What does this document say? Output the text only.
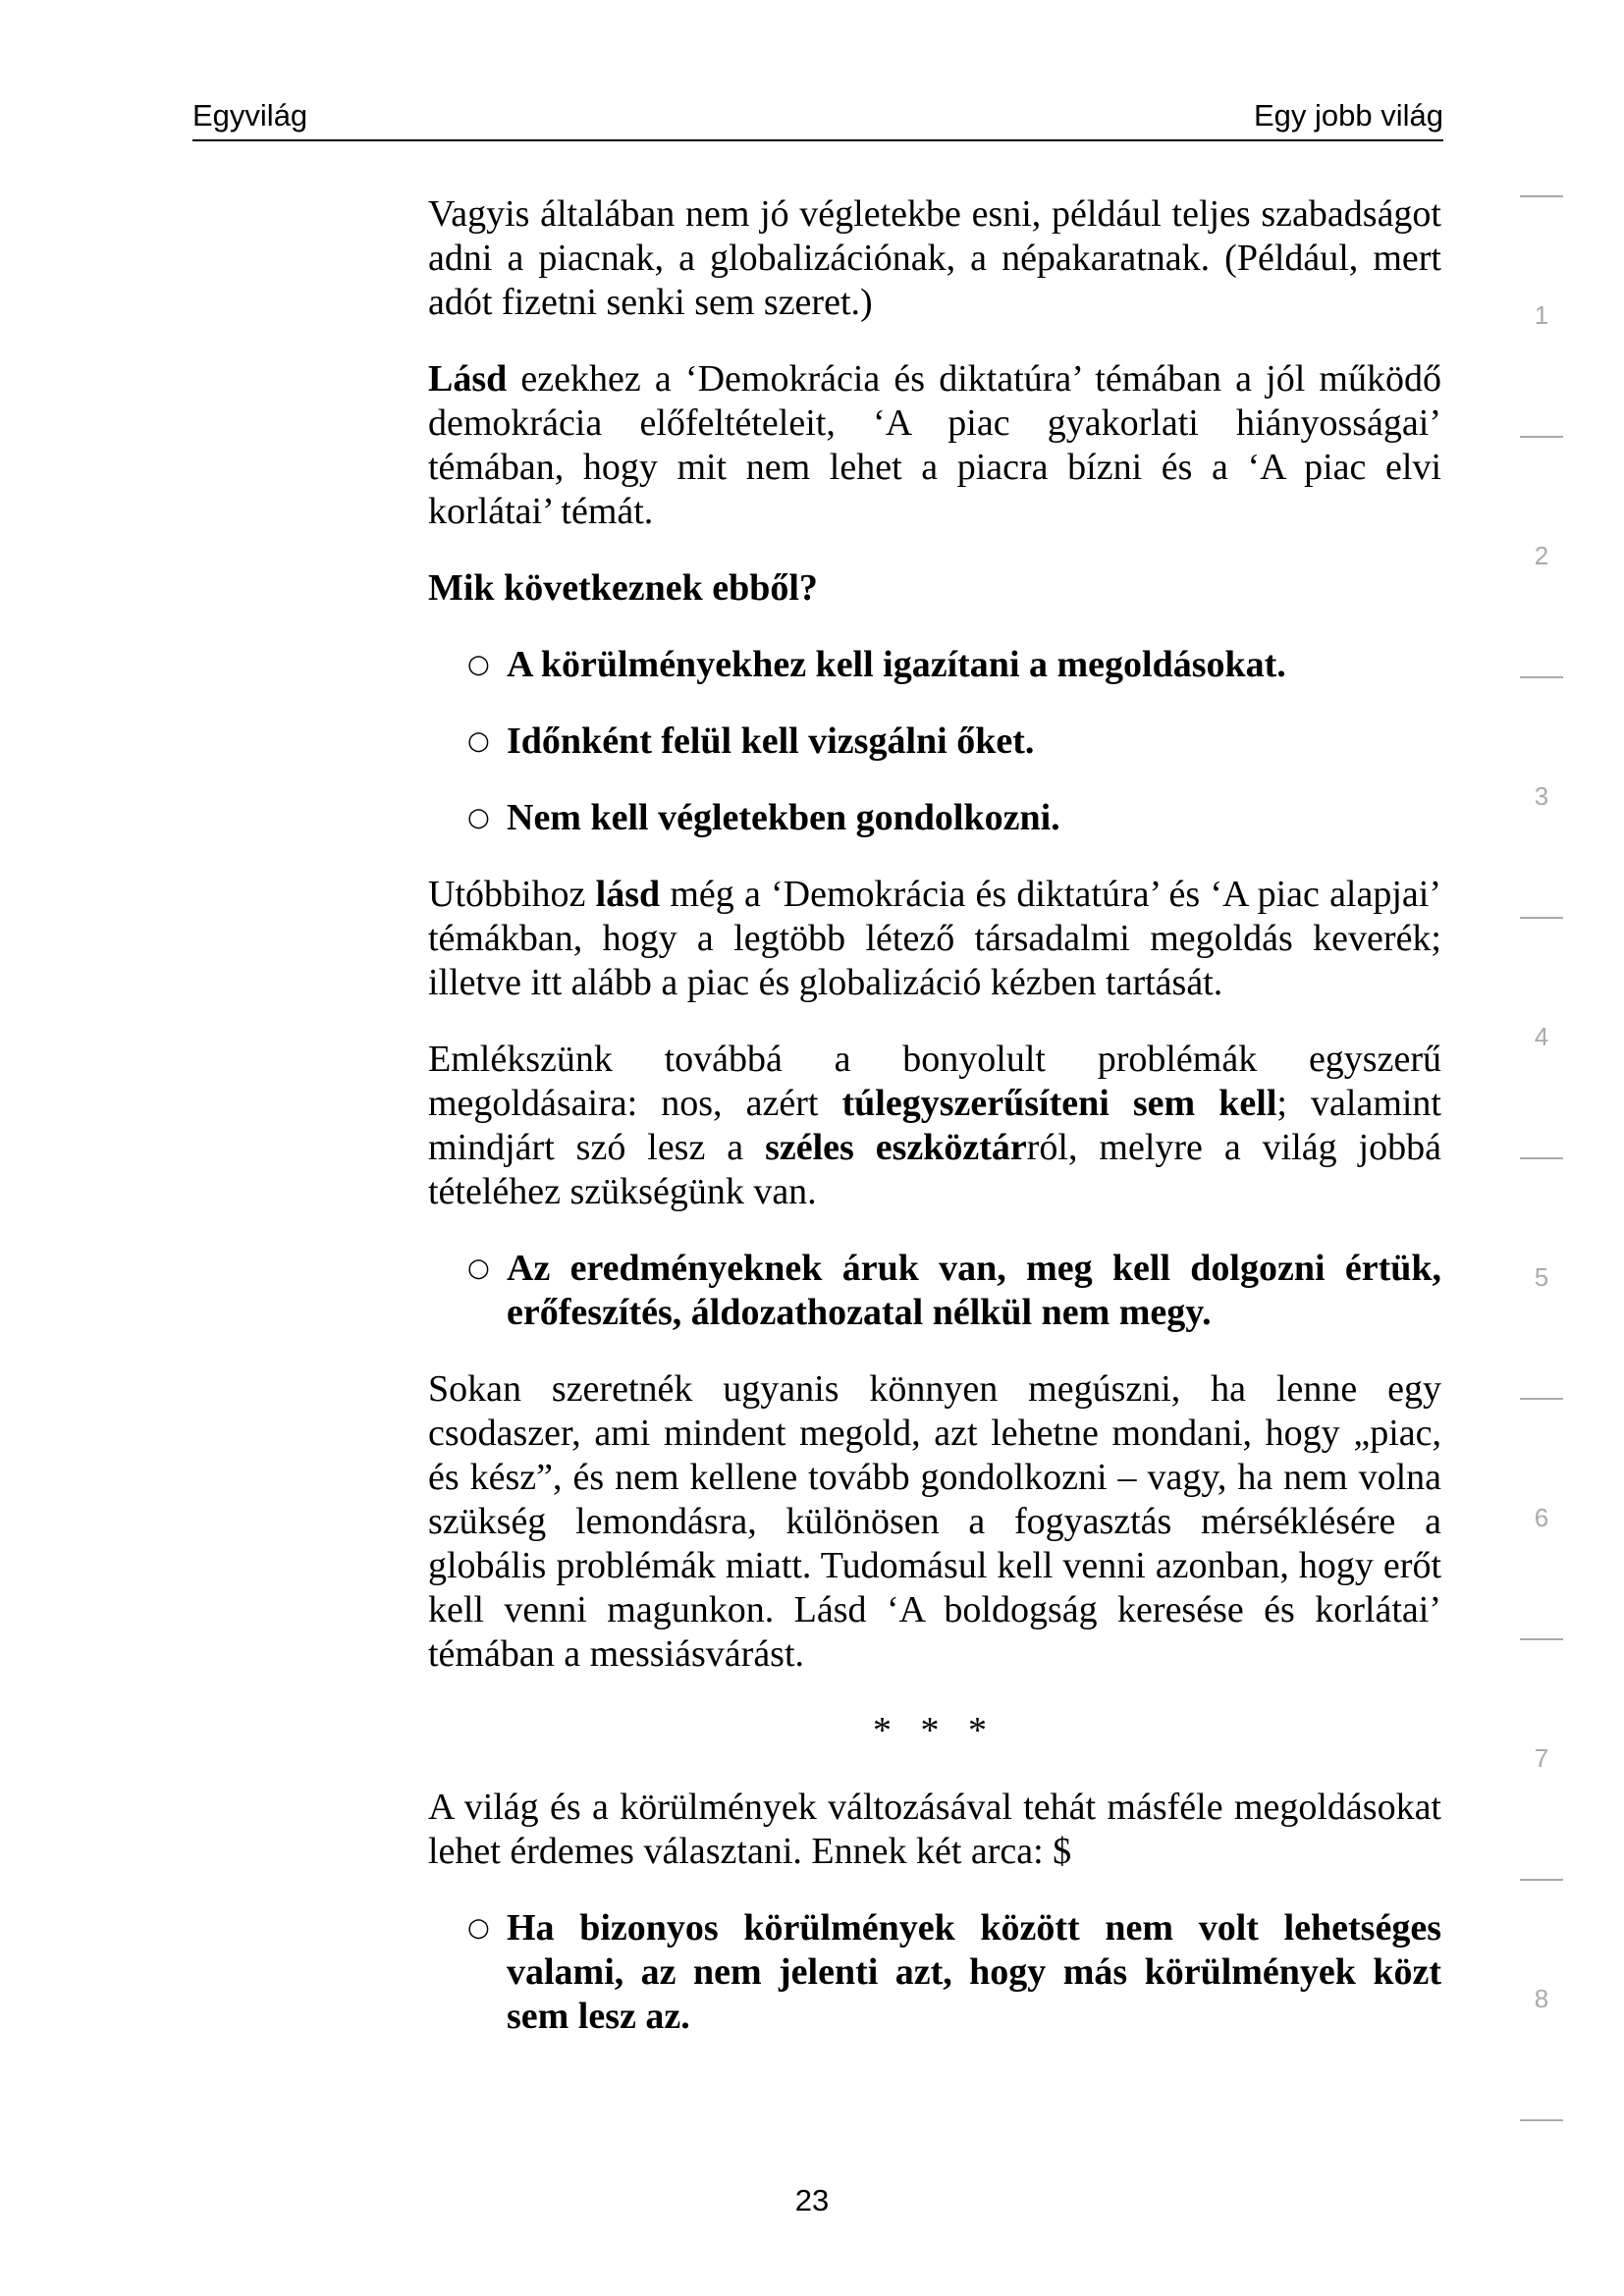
Egyvilág	Egy jobb világ

Vagyis általában nem jó végletekbe esni, például teljes szabadságot adni a piacnak, a globalizációnak, a népakaratnak. (Például, mert adót fizetni senki sem szeret.)

Lásd ezekhez a ‘Demokrácia és diktatúra’ témában a jól működő demokrácia előfeltételeit, ‘A piac gyakorlati hiányosságai’ témában, hogy mit nem lehet a piacra bízni és a ‘A piac elvi korlátai’ témát.

Mik következnek ebből?

○ A körülményekhez kell igazítani a megoldásokat.
○ Időnként felül kell vizsgálni őket.
○ Nem kell végletekben gondolkozni.

Utóbbihoz lásd még a ‘Demokrácia és diktatúra’ és ‘A piac alapjai’ témákban, hogy a legtöbb létező társadalmi megoldás keverék; illetve itt alább a piac és globalizáció kézben tartását.

Emlékszünk továbbá a bonyolult problémák egyszerű megoldásaira: nos, azért túlegyszerűsíteni sem kell; valamint mindjárt szó lesz a széles eszköztárról, melyre a világ jobbá tételéhez szükségünk van.

○ Az eredményeknek áruk van, meg kell dolgozni értük, erőfeszítés, áldozathozatal nélkül nem megy.

Sokan szeretnék ugyanis könnyen megúszni, ha lenne egy csodaszer, ami mindent megold, azt lehetne mondani, hogy „piac, és kész”, és nem kellene tovább gondolkozni – vagy, ha nem volna szükség lemondásra, különösen a fogyasztás mérséklésére a globális problémák miatt. Tudomásul kell venni azonban, hogy erőt kell venni magunkon. Lásd ‘A boldogság keresése és korlátai’ témában a messiásvárást.

* * *

A világ és a körülmények változásával tehát másféle megoldásokat lehet érdemes választani. Ennek két arca: $

○ Ha bizonyos körülmények között nem volt lehetséges valami, az nem jelenti azt, hogy más körülmények közt sem lesz az.
1
2
3
4
5
6
7
8
23
